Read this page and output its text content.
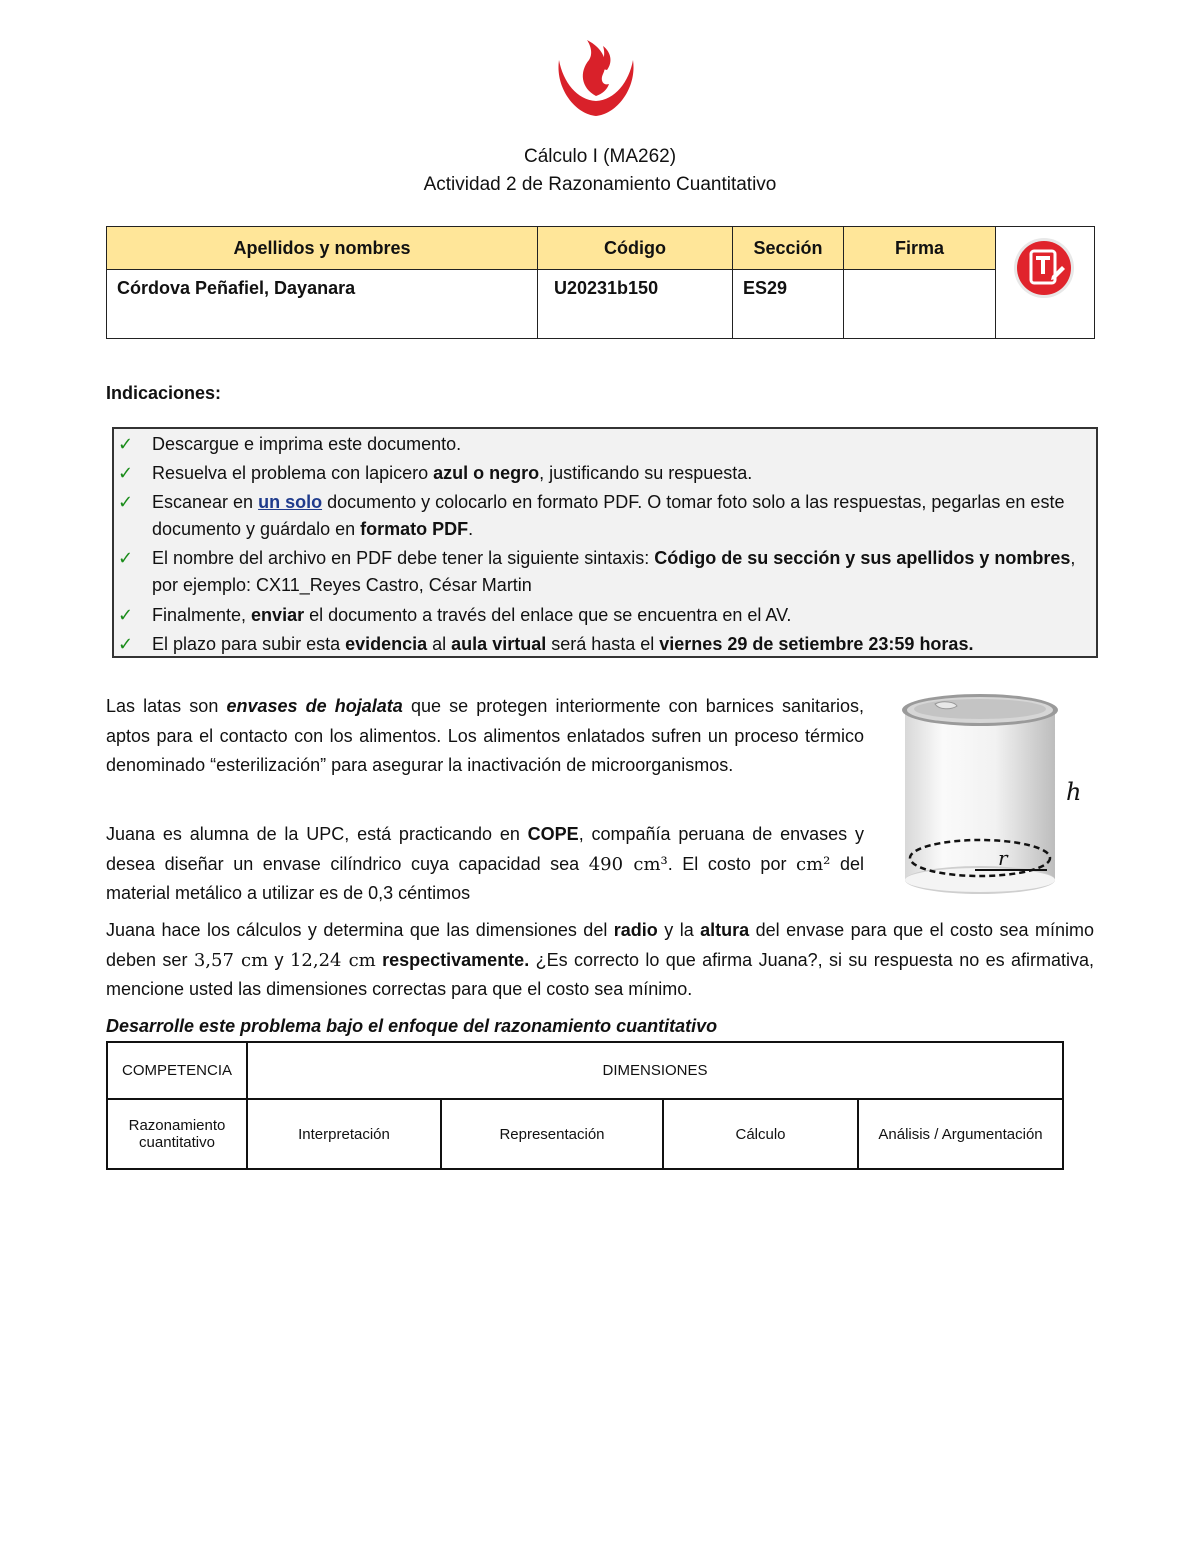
Cálculo I (MA262)
Actividad 2 de Razonamiento Cuantitativo
Apellidos y nombres	Código	Sección	Firma	
Córdova Peñafiel, Dayanara	U20231b150	ES29		
Indicaciones:
✓ Descargue e imprima este documento.
✓ Resuelva el problema con lapicero azul o negro, justificando su respuesta.
✓ Escanear en un solo documento y colocarlo en formato PDF. O tomar foto solo a las respuestas, pegarlas en este documento y guárdalo en formato PDF.
✓ El nombre del archivo en PDF debe tener la siguiente sintaxis: Código de su sección y sus apellidos y nombres, por ejemplo: CX11_Reyes Castro, César Martin
✓ Finalmente, enviar el documento a través del enlace que se encuentra en el AV.
✓ El plazo para subir esta evidencia al aula virtual será hasta el viernes 29 de setiembre 23:59 horas.
Las latas son envases de hojalata que se protegen interiormente con barnices sanitarios, aptos para el contacto con los alimentos. Los alimentos enlatados sufren un proceso térmico denominado “esterilización” para asegurar la inactivación de microorganismos.
Juana es alumna de la UPC, está practicando en COPE, compañía peruana de envases y desea diseñar un envase cilíndrico cuya capacidad sea 490 cm³. El costo por cm² del material metálico a utilizar es de 0,3 céntimos
Juana hace los cálculos y determina que las dimensiones del radio y la altura del envase para que el costo sea mínimo deben ser 3,57 cm y 12,24 cm respectivamente. ¿Es correcto lo que afirma Juana?, si su respuesta no es afirmativa, mencione usted las dimensiones correctas para que el costo sea mínimo.
r
h
Desarrolle este problema bajo el enfoque del razonamiento cuantitativo
COMPETENCIA	DIMENSIONES			
Razonamiento cuantitativo	Interpretación	Representación	Cálculo	Análisis / Argumentación
